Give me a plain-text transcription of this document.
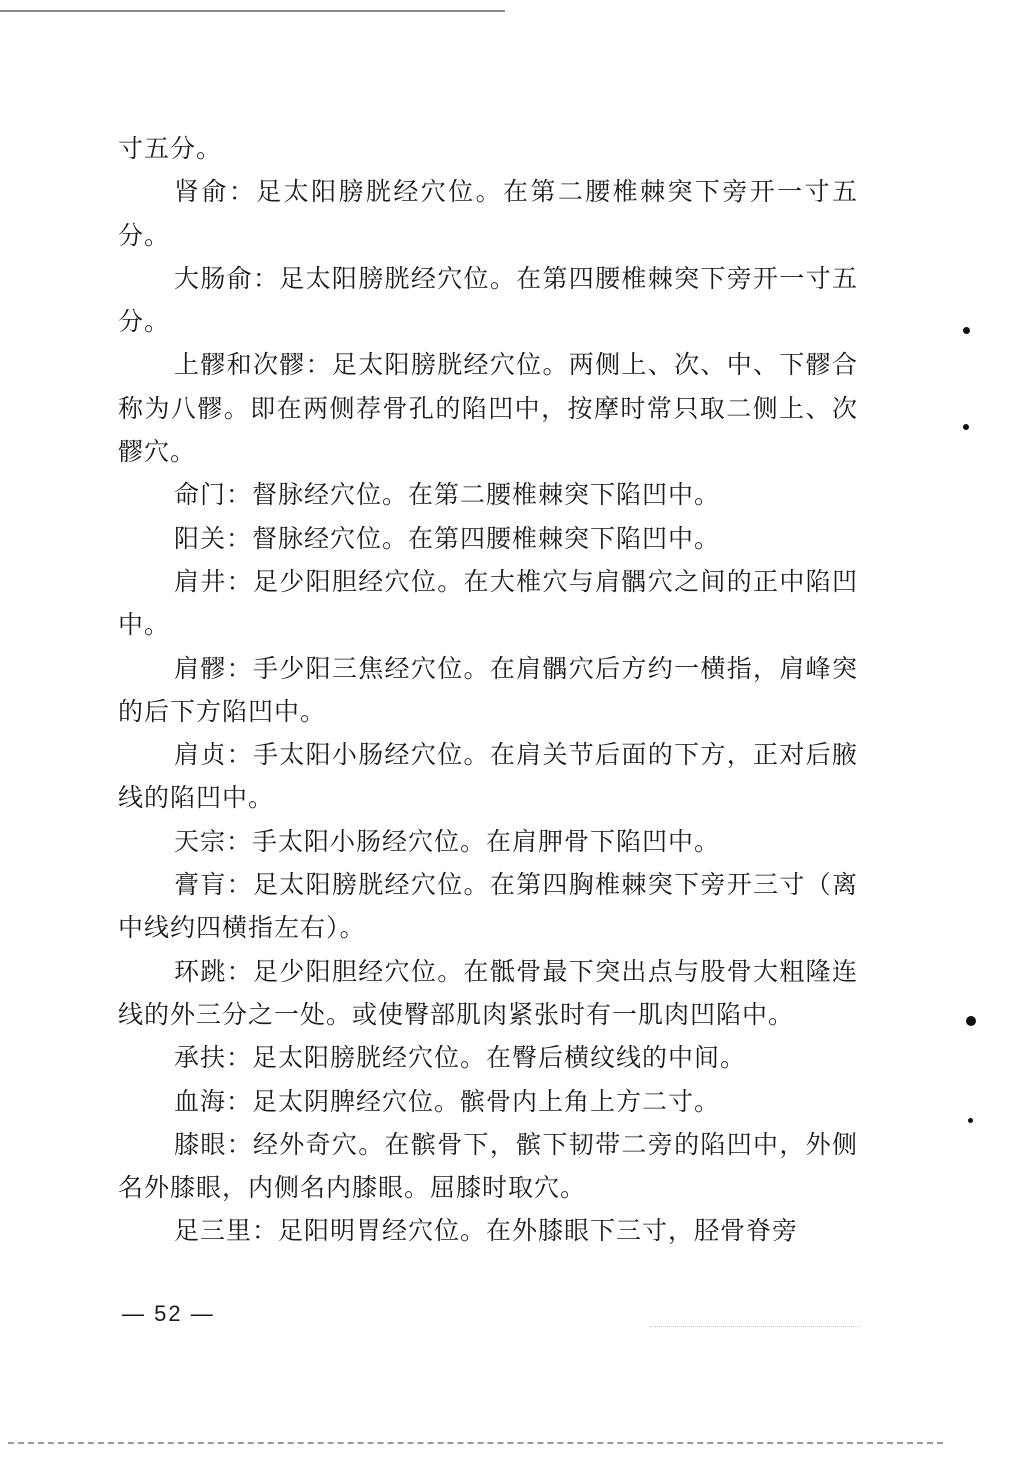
寸五分。

肾俞：足太阳膀胱经穴位。在第二腰椎棘突下旁开一寸五分。

大肠俞：足太阳膀胱经穴位。在第四腰椎棘突下旁开一寸五分。

上髎和次髎：足太阳膀胱经穴位。两侧上、次、中、下髎合称为八髎。即在两侧荐骨孔的陷凹中，按摩时常只取二侧上、次髎穴。

命门：督脉经穴位。在第二腰椎棘突下陷凹中。

阳关：督脉经穴位。在第四腰椎棘突下陷凹中。

肩井：足少阳胆经穴位。在大椎穴与肩髃穴之间的正中陷凹中。

肩髎：手少阳三焦经穴位。在肩髃穴后方约一横指，肩峰突的后下方陷凹中。

肩贞：手太阳小肠经穴位。在肩关节后面的下方，正对后腋线的陷凹中。

天宗：手太阳小肠经穴位。在肩胛骨下陷凹中。

膏肓：足太阳膀胱经穴位。在第四胸椎棘突下旁开三寸（离中线约四横指左右）。

环跳：足少阳胆经穴位。在骶骨最下突出点与股骨大粗隆连线的外三分之一处。或使臀部肌肉紧张时有一肌肉凹陷中。

承扶：足太阳膀胱经穴位。在臀后横纹线的中间。

血海：足太阴脾经穴位。髌骨内上角上方二寸。

膝眼：经外奇穴。在髌骨下，髌下韧带二旁的陷凹中，外侧名外膝眼，内侧名内膝眼。屈膝时取穴。

足三里：足阳明胃经穴位。在外膝眼下三寸，胫骨脊旁

— 52 —
